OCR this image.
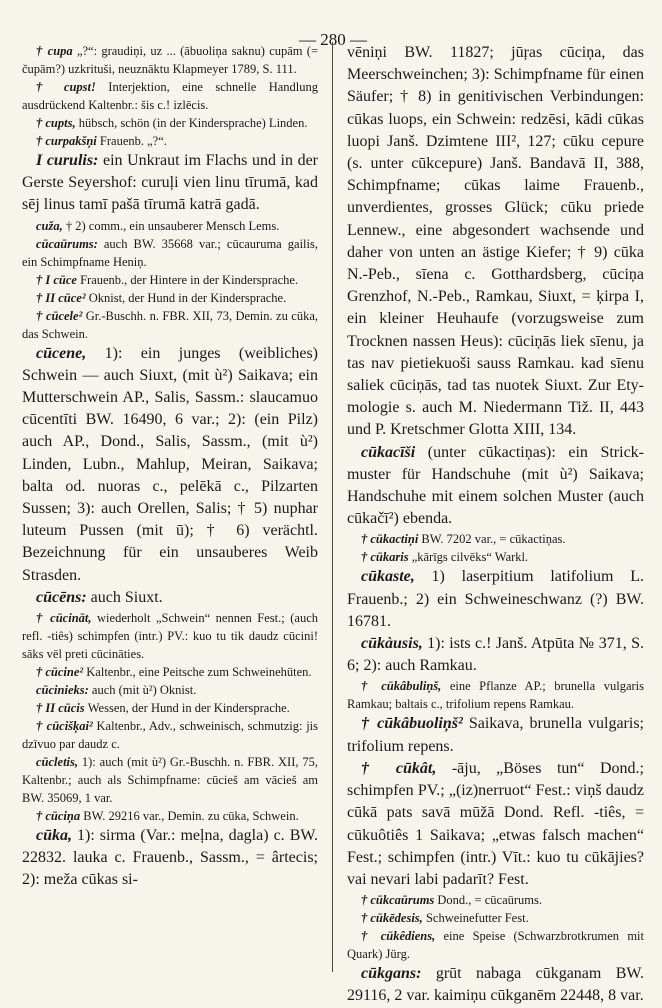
— 280 —

† cupa „?“: graudiņi, uz ... (ābuoliņa saknu) cupām (= čupām?) uzkrituši, neuznāktu Klapmeyer 1789, S. 111.

† cupst! Interjektion, eine schnelle Handlung ausdrückend Kaltenbr.: šis c.! izlēcis.

† cupts, hübsch, schön (in der Kindersprache) Linden.

† curpakšņi Frauenb. „?“.

I curulis: ein Unkraut im Flachs und in der Gerste Seyershof: curuļi vien linu tīrumā, kad sēj linus tamī pašā tīrumā katrā gadā.

cuža, † 2) comm., ein unsauberer Mensch Lems.

cūcaūrums: auch BW. 35668 var.; cūcauruma gailis, ein Schimpfname Heniņ.

† I cūce Frauenb., der Hintere in der Kindersprache.

† II cūce² Oknist, der Hund in der Kindersprache.

† cūcele² Gr.-Buschh. n. FBR. XII, 73, Demin. zu cūka, das Schwein.

cūcene, 1): ein junges (weibliches) Schwein — auch Siuxt, (mit ù²) Saikava; ein Mutterschwein AP., Salis, Sassm.: slaucamuo cūcentīti BW. 16490, 6 var.; 2): (ein Pilz) auch AP., Dond., Salis, Sassm., (mit ù²) Linden, Lubn., Mahlup, Meiran, Saikava; balta od. nuoras c., pelēkā c., Pilzarten Sussen; 3): auch Orellen, Salis; † 5) nuphar luteum Pussen (mit ū); † 6) verächtl. Bezeichnung für ein unsauberes Weib Strasden.

cūcēns: auch Siuxt.

† cūcināt, wiederholt „Schwein“ nennen Fest.; (auch refl. -tiês) schimpfen (intr.) PV.: kuo tu tik daudz cūcini! sāks vēl preti cūcināties.

† cūcine² Kaltenbr., eine Peitsche zum Schweinehüten.

cūcinieks: auch (mit ù²) Oknist.

† II cūcis Wessen, der Hund in der Kindersprache.

† cūcišķai² Kaltenbr., Adv., schweinisch, schmutzig: jis dzīvuo par daudz c.

cūcletis, 1): auch (mit ù²) Gr.-Buschh. n. FBR. XII, 75, Kaltenbr.; auch als Schimpfname: cūcieš am vācieš am BW. 35069, 1 var.

† cūciņa BW. 29216 var., Demin. zu cūka, Schwein.

cūka, 1): sirma (Var.: meļna, dagla) c. BW. 22832. lauka c. Frauenb., Sassm., = ârtecis; 2): meža cūkas si-

vēniņi BW. 11827; jūŗas cūciņa, das Meerschweinchen; 3): Schimpfname für einen Säufer; † 8) in genitivischen Verbindungen: cūkas luops, ein Schwein: redzēsi, kādi cūkas luopi Janš. Dzimtene III², 127; cūku cepure (s. unter cūkcepure) Janš. Bandavā II, 388, Schimpfname; cūkas laime Frauenb., unverdientes, grosses Glück; cūku priede Lennew., eine abgesondert wachsende und daher von unten an ästige Kiefer; † 9) cūka N.-Peb., sīena c. Gotthardsberg, cūciņa Grenzhof, N.-Peb., Ramkau, Siuxt, = ķirpa I, ein kleiner Heuhaufe (vorzugsweise zum Trocknen nassen Heus): cūciņās liek sīenu, ja tas nav pietiekuoši sauss Ramkau. kad sīenu saliek cūciņās, tad tas nuotek Siuxt. Zur Etymologie s. auch M. Niedermann Tiž. II, 443 und P. Kretschmer Glotta XIII, 134.

cūkacīši (unter cūkactiņas): ein Strickmuster für Handschuhe (mit ù²) Saikava; Handschuhe mit einem solchen Muster (auch cūkačī²) ebenda.

† cūkactiņi BW. 7202 var., = cūkactiņas.

† cūkaris „kārīgs cilvēks“ Warkl.

cūkaste, 1) laserpitium latifolium L. Frauenb.; 2) ein Schweineschwanz (?) BW. 16781.

cūkàusis, 1): ists c.! Janš. Atpūta № 371, S. 6; 2): auch Ramkau.

† cūkâbuliņš, eine Pflanze AP.; brunella vulgaris Ramkau; baltais c., trifolium repens Ramkau.

† cūkâbuoliņš² Saikava, brunella vulgaris; trifolium repens.

† cūkât, -āju, „Böses tun“ Dond.; schimpfen PV.; „(iz)nerruot“ Fest.: viņš daudz cūkā pats savā mūžā Dond. Refl. -tiês, = cūkuôtiês 1 Saikava; „etwas falsch machen“ Fest.; schimpfen (intr.) Vīt.: kuo tu cūkājies? vai nevari labi padarīt? Fest.

† cūkcaūrums Dond., = cūcaūrums.

† cūkēdesis, Schweinefutter Fest.

† cūkêdiens, eine Speise (Schwarzbrotkrumen mit Quark) Jürg.

cūkgans: grūt nabaga cūkganam BW. 29116, 2 var. kaimiņu cūkganēm 22448, 8 var.
